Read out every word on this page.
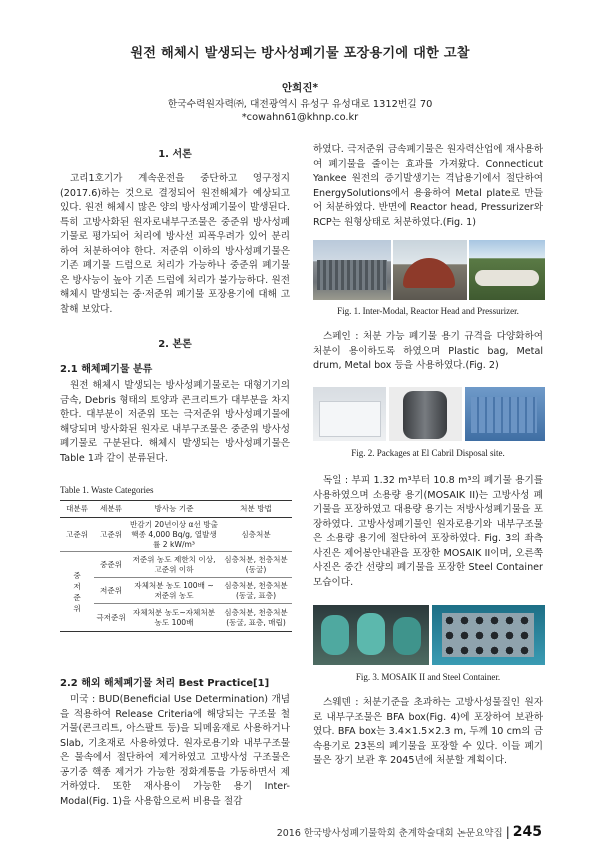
원전 해체시 발생되는 방사성폐기물 포장용기에 대한 고찰
안희진*
한국수력원자력㈜, 대전광역시 유성구 유성대로 1312번길 70
*cowahn61@khnp.co.kr
1. 서론

고리1호기가 계속운전을 중단하고 영구정지(2017.6)하는 것으로 결정되어 원전해체가 예상되고 있다. 원전 해체시 많은 양의 방사성폐기물이 발생된다. 특히 고방사화된 원자로내부구조물은 중준위 방사성폐기물로 평가되어 처리에 방사선 피폭우려가 있어 분리하여 처분하여야 한다. 저준위 이하의 방사성폐기물은 기존 폐기물 드럼으로 처리가 가능하나 중준위 폐기물은 방사능이 높아 기존 드럼에 처리가 불가능하다. 원전 해체시 발생되는 중·저준위 폐기물 포장용기에 대해 고찰해 보았다.

2. 본론
2.1 해체폐기물 분류

원전 해체시 발생되는 방사성폐기물로는 대형기기의 금속, Debris 형태의 토양과 콘크리트가 대부분을 차지한다. 대부분이 저준위 또는 극저준위 방사성폐기물에 해당되며 방사화된 원자로 내부구조물은 중준위 방사성폐기물로 구분된다. 해체시 발생되는 방사성폐기물은 Table 1과 같이 분류된다.

Table 1. Waste Categories
대분류	세분류	방사능 기준	처분 방법
고준위	고준위	반감기 20년이상 α선 방출핵종 4,000 Bq/g, 열발생률 2 kW/m³	심층처분
중저준위	중준위	저준위 농도 제한치 이상, 고준위 이하	심층처분, 천층처분(동굴)
	저준위	자체처분 농도 100배 ~ 저준위 농도	심층처분, 천층처분(동굴, 표층)
	극저준위	자체처분 농도~자체처분 농도 100배	심층처분, 천층처분(동굴, 표층, 매립)
2.2 해외 해체폐기물 처리 Best Practice[1]

미국 : BUD(Beneficial Use Determination) 개념을 적용하여 Release Criteria에 해당되는 구조물 철거물(콘크리트, 아스팔트 등)을 되메움재로 사용하거나 Slab, 기초재로 사용하였다. 원자로용기와 내부구조물은 물속에서 절단하여 제거하였고 고방사성 구조물은 공기중 핵종 제거가 가능한 정화계통을 가동하면서 제거하였다. 또한 재사용이 가능한 용기 Inter-Modal(Fig. 1)을 사용함으로써 비용을 절감

하였다. 극저준위 금속폐기물은 원자력산업에 재사용하여 폐기물을 줄이는 효과를 가져왔다. Connecticut Yankee 원전의 증기발생기는 격납용기에서 절단하여 EnergySolutions에서 용융하여 Metal plate로 만들어 처분하였다. 반면에 Reactor head, Pressurizer와 RCP는 원형상태로 처분하였다.(Fig. 1)

Fig. 1. Inter-Modal, Reactor Head and Pressurizer.

스페인 : 처분 가능 폐기물 용기 규격을 다양화하여 처분이 용이하도록 하였으며 Plastic bag, Metal drum, Metal box 등을 사용하였다.(Fig. 2)

Fig. 2. Packages at El Cabril Disposal site.

독일 : 부피 1.32 m³부터 10.8 m³의 폐기물 용기를 사용하였으며 소용량 용기(MOSAIK II)는 고방사성 폐기물을 포장하였고 대용량 용기는 저방사성폐기물을 포장하였다. 고방사성폐기물인 원자로용기와 내부구조물은 소용량 용기에 절단하여 포장하였다. Fig. 3의 좌측 사진은 제어봉안내관을 포장한 MOSAIK II이며, 오른쪽 사진은 중간 선량의 폐기물을 포장한 Steel Container 모습이다.

Fig. 3. MOSAIK II and Steel Container.

스웨덴 : 처분기준을 초과하는 고방사성물질인 원자로 내부구조물은 BFA box(Fig. 4)에 포장하여 보관하였다. BFA box는 3.4×1.5×2.3 m, 두께 10 cm의 금속용기로 23톤의 폐기물을 포장할 수 있다. 이들 폐기물은 장기 보관 후 2045년에 처분할 계획이다.

2016 한국방사성폐기물학회 춘계학술대회 논문요약집 | 245
